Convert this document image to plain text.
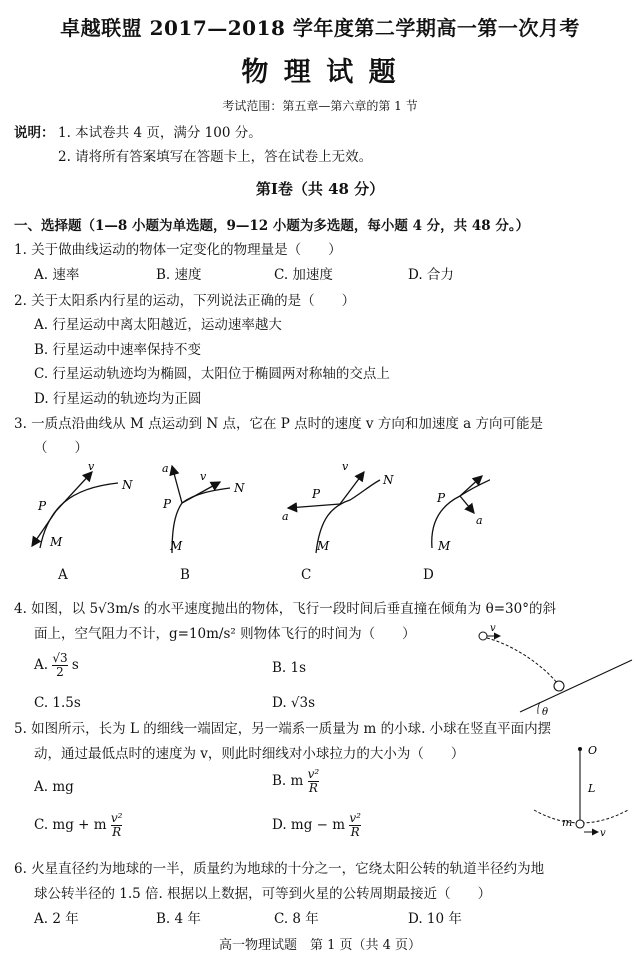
卓越联盟 2017—2018 学年度第二学期高一第一次月考
物 理 试 题
考试范围：第五章—第六章的第 1 节
说明： 1. 本试卷共 4 页，满分 100 分。
2. 请将所有答案填写在答题卡上，答在试卷上无效。
第Ⅰ卷（共 48 分）
一、选择题（1—8 小题为单选题，9—12 小题为多选题，每小题 4 分，共 48 分。）
1. 关于做曲线运动的物体一定变化的物理量是（　　）
A. 速率	B. 速度	C. 加速度	D. 合力
2. 关于太阳系内行星的运动，下列说法正确的是（　　）
A. 行星运动中离太阳越近，运动速率越大
B. 行星运动中速率保持不变
C. 行星运动轨迹均为椭圆，太阳位于椭圆两对称轴的交点上
D. 行星运动的轨迹均为正圆
3. 一质点沿曲线从 M 点运动到 N 点，它在 P 点时的速度 v 方向和加速度 a 方向可能是
（　　）
v
P
N
M
v
a
P
N
M
v
a
P
N
M
a
P
M
A	B	C	D
4. 如图，以 5√3m/s 的水平速度抛出的物体，飞行一段时间后垂直撞在倾角为 θ=30°的斜
面上，空气阻力不计，g=10m/s² 则物体飞行的时间为（　　）
A. $\frac{√3}{2}$ s	B. 1s
C. 1.5s	D. √3s
v
θ
5. 如图所示，长为 L 的细线一端固定，另一端系一质量为 m 的小球. 小球在竖直平面内摆
动，通过最低点时的速度为 v，则此时细线对小球拉力的大小为（　　）
A. mg	B. m $\frac{\text{v²}}{R}$
C. mg + m $\frac{\text{v²}}{R}$	D. mg − m $\frac{\text{v²}}{R}$
O
L
m
v
6. 火星直径约为地球的一半，质量约为地球的十分之一，它绕太阳公转的轨道半径约为地
球公转半径的 1.5 倍. 根据以上数据，可等到火星的公转周期最接近（　　）
A. 2 年	B. 4 年	C. 8 年	D. 10 年
高一物理试题　第 1 页（共 4 页）
